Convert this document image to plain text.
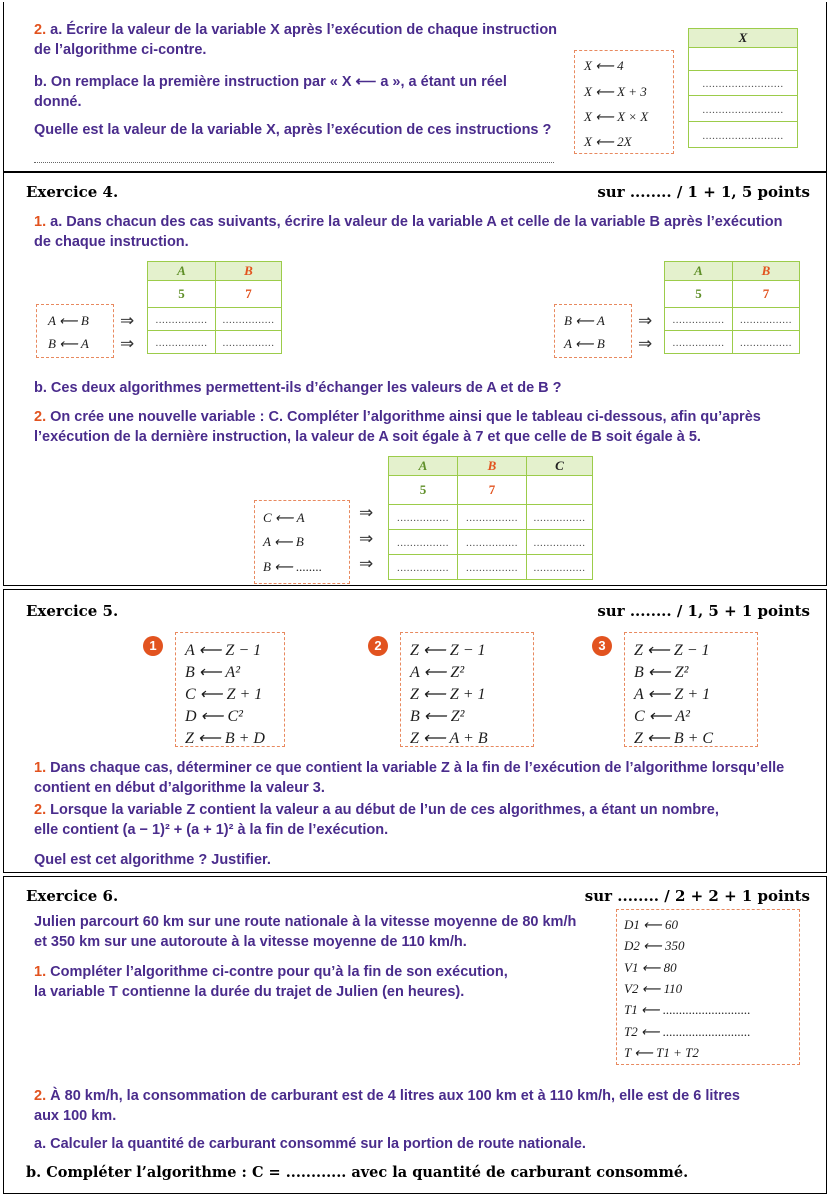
2. a. Écrire la valeur de la variable X après l’exécution de chaque instruction
de l’algorithme ci-contre.
b. On remplace la première instruction par « X ⟵ a », a étant un réel
donné.
Quelle est la valeur de la variable X, après l’exécution de ces instructions ?
X ⟵ 4
X ⟵ X + 3
X ⟵ X × X
X ⟵ 2X
X

.........................
.........................
.........................
Exercice 4.	sur ........ / 1 + 1, 5 points
1. a. Dans chacun des cas suivants, écrire la valeur de la variable A et celle de la variable B après l’exécution
de chaque instruction.
A ⟵ B
B ⟵ A
⇒
⇒
A	B
5	7
................	................
................	................
B ⟵ A
A ⟵ B
⇒
⇒
A	B
5	7
................	................
................	................
b. Ces deux algorithmes permettent-ils d’échanger les valeurs de A et de B ?
2. On crée une nouvelle variable : C. Compléter l’algorithme ainsi que le tableau ci-dessous, afin qu’après
l’exécution de la dernière instruction, la valeur de A soit égale à 7 et que celle de B soit égale à 5.
C ⟵ A
A ⟵ B
B ⟵ ........
⇒
⇒
⇒
A	B	C
5	7	
................	................	................
................	................	................
................	................	................
Exercice 5.	sur ........ / 1, 5 + 1 points
1	A ⟵ Z − 1
B ⟵ A²
C ⟵ Z + 1
D ⟵ C²
Z ⟵ B + D
2	Z ⟵ Z − 1
A ⟵ Z²
Z ⟵ Z + 1
B ⟵ Z²
Z ⟵ A + B
3	Z ⟵ Z − 1
B ⟵ Z²
A ⟵ Z + 1
C ⟵ A²
Z ⟵ B + C
1. Dans chaque cas, déterminer ce que contient la variable Z à la fin de l’exécution de l’algorithme lorsqu’elle
contient en début d’algorithme la valeur 3.
2. Lorsque la variable Z contient la valeur a au début de l’un de ces algorithmes, a étant un nombre,
elle contient (a − 1)² + (a + 1)² à la fin de l’exécution.
Quel est cet algorithme ? Justifier.
Exercice 6.	sur ........ / 2 + 2 + 1 points
Julien parcourt 60 km sur une route nationale à la vitesse moyenne de 80 km/h
et 350 km sur une autoroute à la vitesse moyenne de 110 km/h.
1. Compléter l’algorithme ci-contre pour qu’à la fin de son exécution,
la variable T contienne la durée du trajet de Julien (en heures).
D1 ⟵ 60
D2 ⟵ 350
V1 ⟵ 80
V2 ⟵ 110
T1 ⟵ ...........................
T2 ⟵ ...........................
T ⟵ T1 + T2
2. À 80 km/h, la consommation de carburant est de 4 litres aux 100 km et à 110 km/h, elle est de 6 litres
aux 100 km.
a. Calculer la quantité de carburant consommé sur la portion de route nationale.
b. Compléter l’algorithme : C = ............ avec la quantité de carburant consommé.
